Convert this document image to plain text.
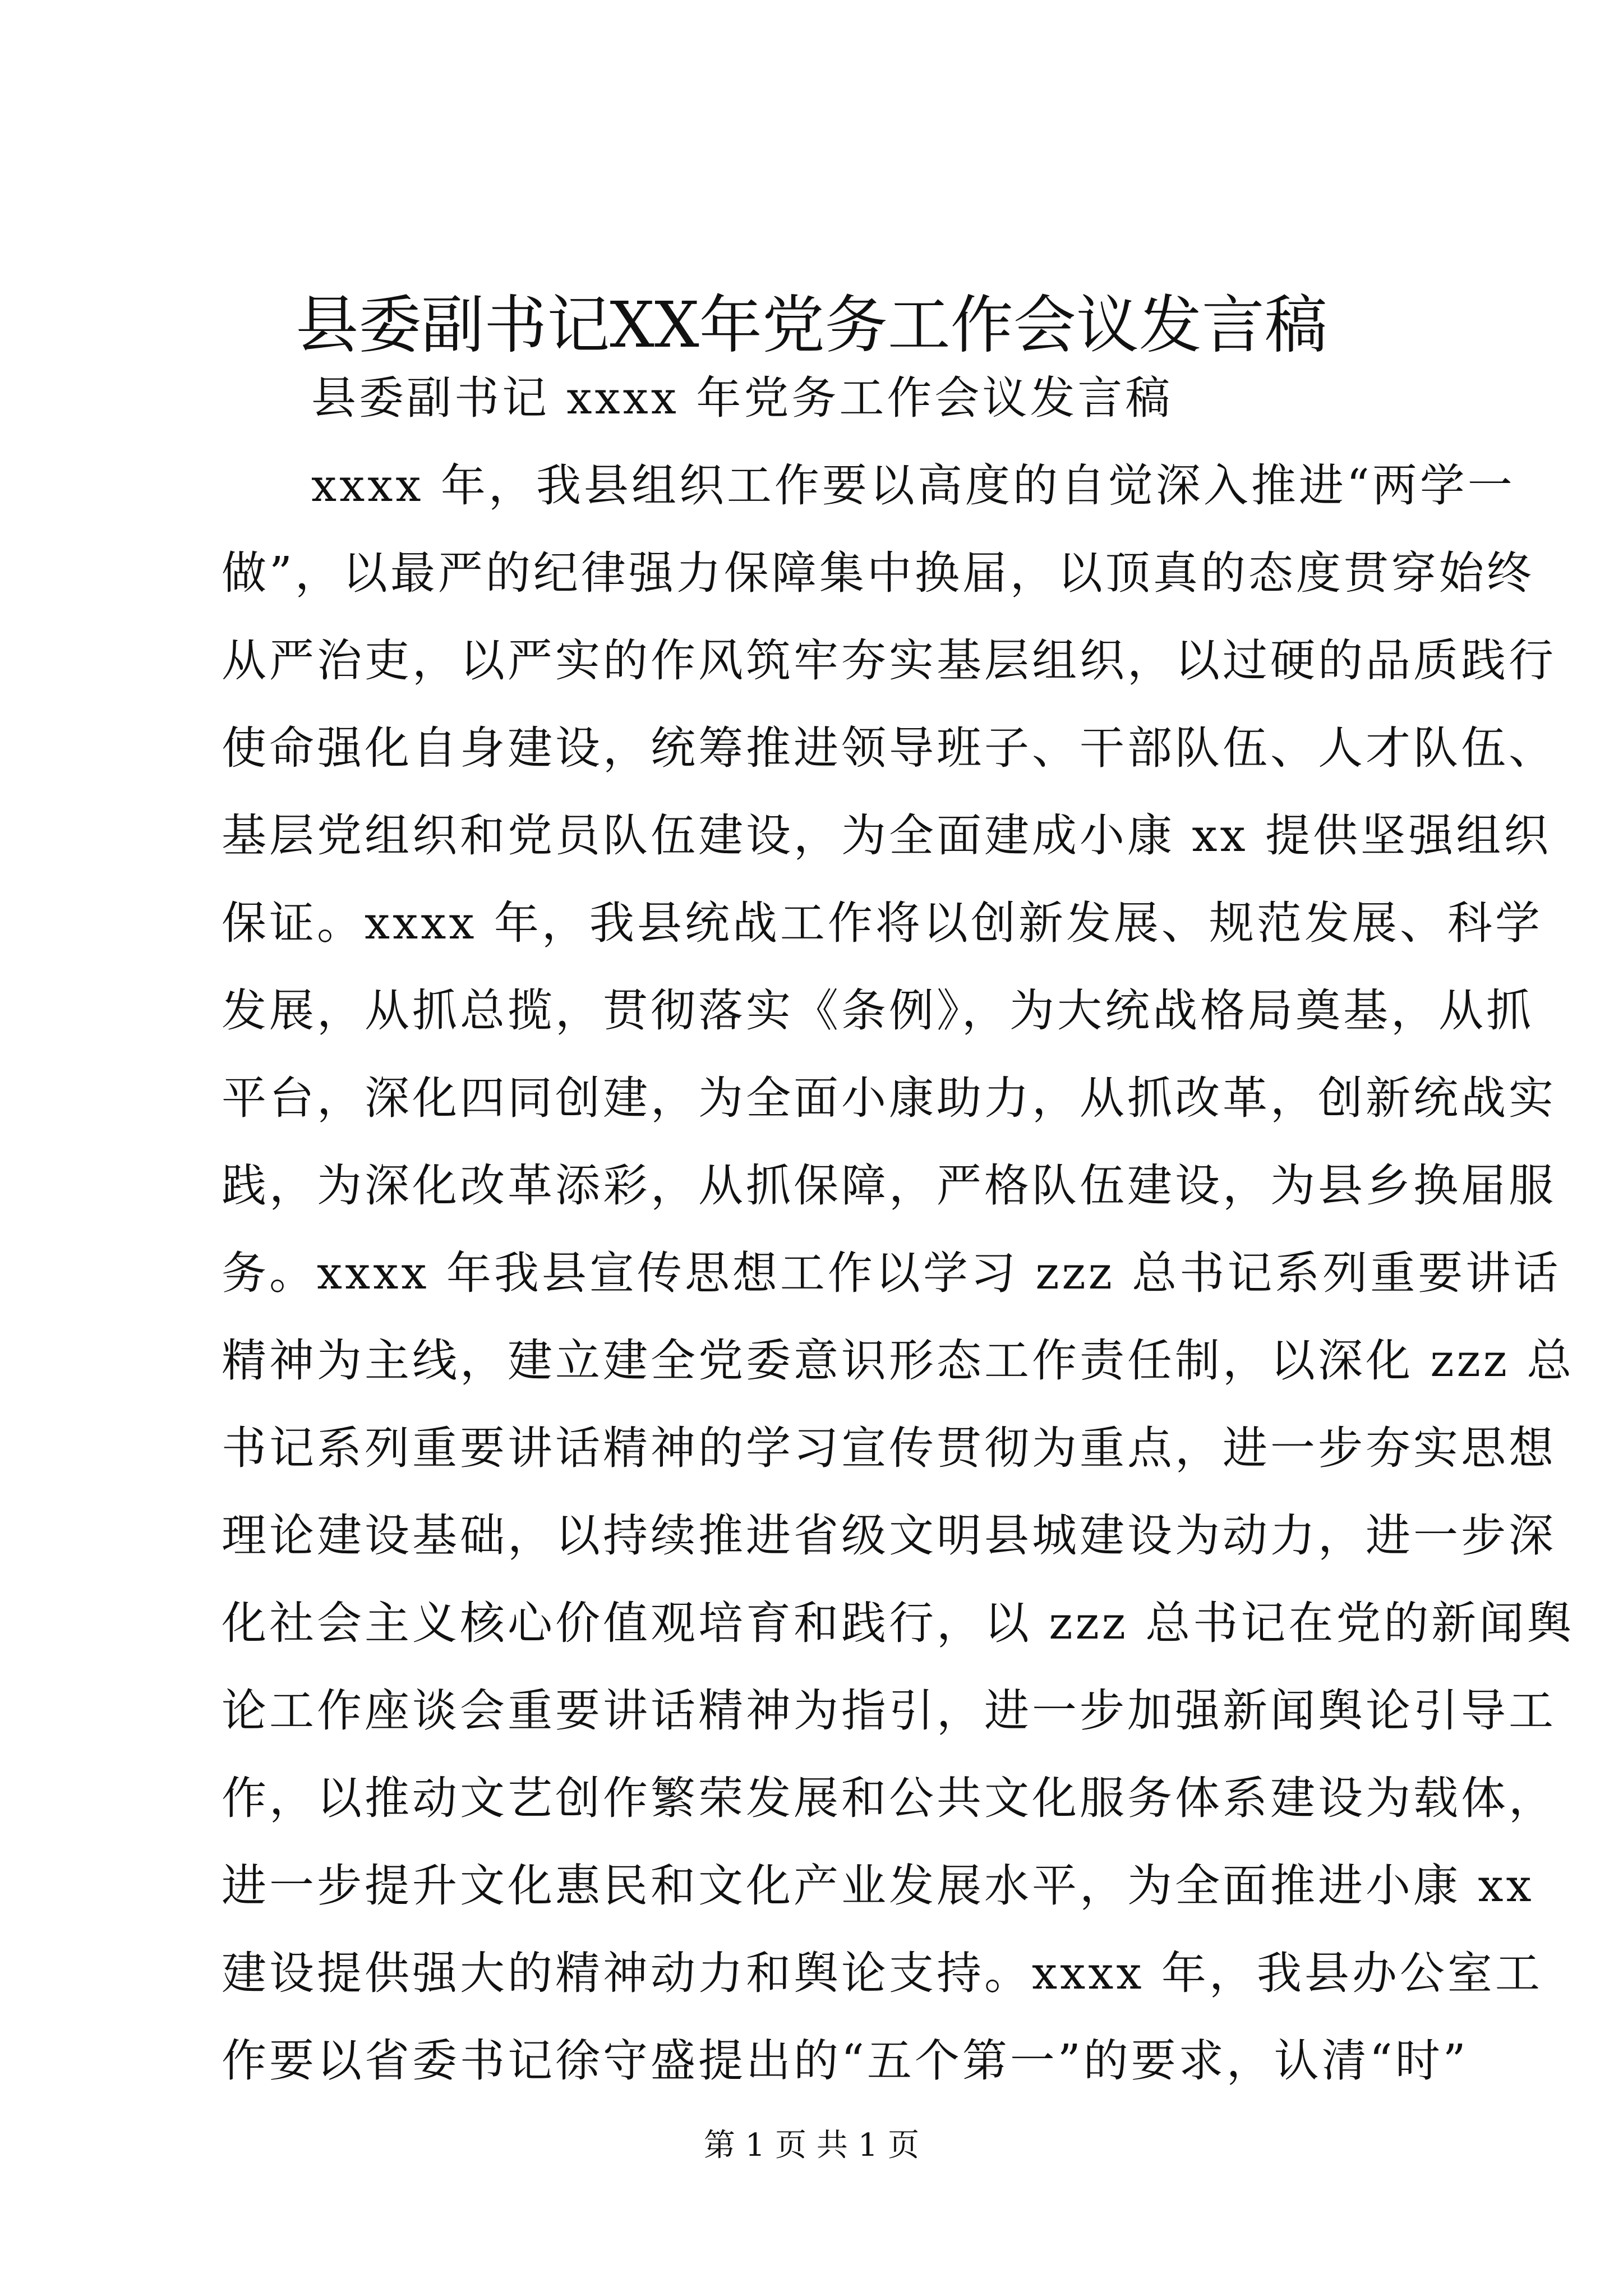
县委副书记XX年党务工作会议发言稿
县委副书记 xxxx 年党务工作会议发言稿
xxxx 年，我县组织工作要以高度的自觉深入推进“两学一
做”，以最严的纪律强力保障集中换届，以顶真的态度贯穿始终
从严治吏，以严实的作风筑牢夯实基层组织，以过硬的品质践行
使命强化自身建设，统筹推进领导班子、干部队伍、人才队伍、
基层党组织和党员队伍建设，为全面建成小康 xx 提供坚强组织
保证。xxxx 年，我县统战工作将以创新发展、规范发展、科学
发展，从抓总揽，贯彻落实《条例》，为大统战格局奠基，从抓
平台，深化四同创建，为全面小康助力，从抓改革，创新统战实
践，为深化改革添彩，从抓保障，严格队伍建设，为县乡换届服
务。xxxx 年我县宣传思想工作以学习 zzz 总书记系列重要讲话
精神为主线，建立建全党委意识形态工作责任制，以深化 zzz 总
书记系列重要讲话精神的学习宣传贯彻为重点，进一步夯实思想
理论建设基础，以持续推进省级文明县城建设为动力，进一步深
化社会主义核心价值观培育和践行，以 zzz 总书记在党的新闻舆
论工作座谈会重要讲话精神为指引，进一步加强新闻舆论引导工
作，以推动文艺创作繁荣发展和公共文化服务体系建设为载体，
进一步提升文化惠民和文化产业发展水平，为全面推进小康 xx
建设提供强大的精神动力和舆论支持。xxxx 年，我县办公室工
作要以省委书记徐守盛提出的“五个第一”的要求，认清“时”
第 1 页 共 1 页
